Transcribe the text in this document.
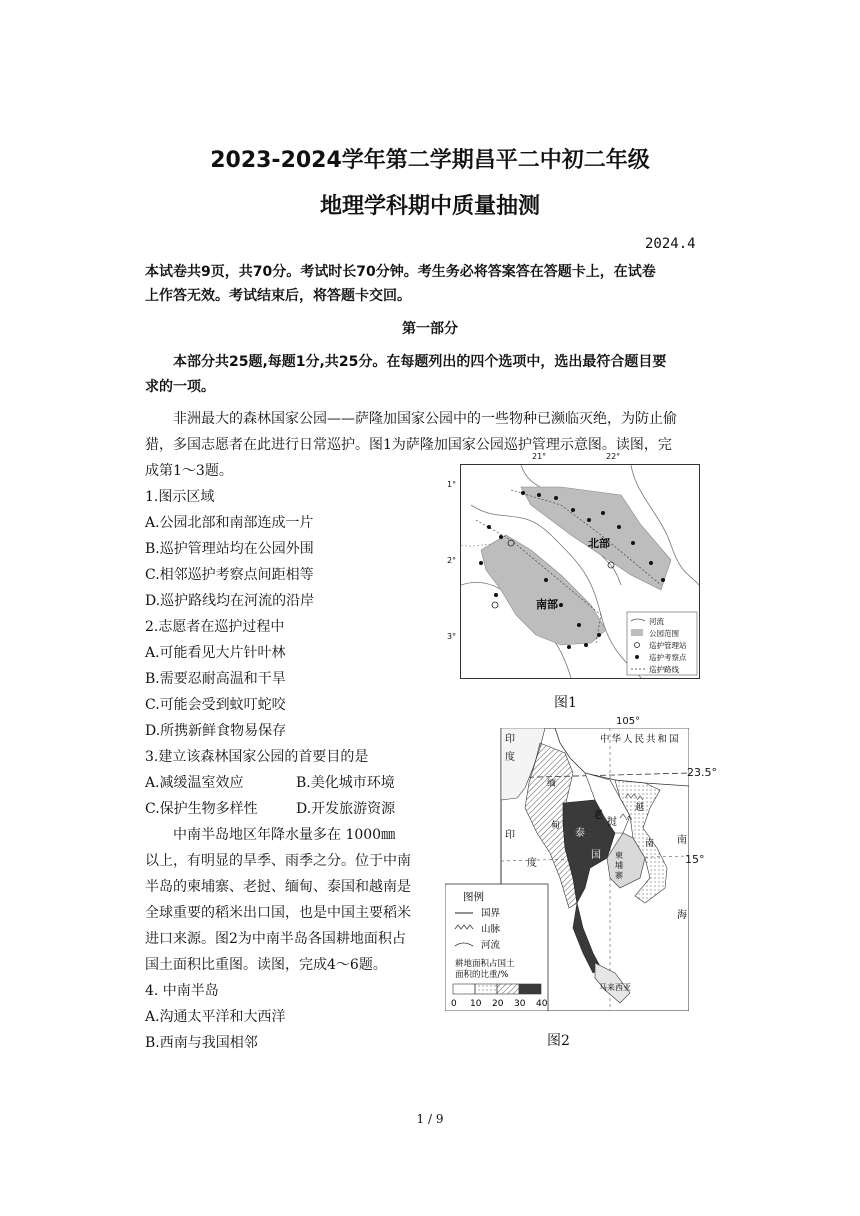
2023-2024学年第二学期昌平二中初二年级
地理学科期中质量抽测
2024.4
本试卷共9页，共70分。考试时长70分钟。考生务必将答案答在答题卡上，在试卷
上作答无效。考试结束后，将答题卡交回。
第一部分
本部分共25题,每题1分,共25分。在每题列出的四个选项中，选出最符合题目要
求的一项。
非洲最大的森林国家公园——萨隆加国家公园中的一些物种已濒临灭绝，为防止偷
猎，多国志愿者在此进行日常巡护。图1为萨隆加国家公园巡护管理示意图。读图，完
成第1～3题。
1.图示区域
A.公园北部和南部连成一片
B.巡护管理站均在公园外围
C.相邻巡护考察点间距相等
D.巡护路线均在河流的沿岸
2.志愿者在巡护过程中
A.可能看见大片针叶林
B.需要忍耐高温和干旱
C.可能会受到蚊叮蛇咬
D.所携新鲜食物易保存
3.建立该森林国家公园的首要目的是
A.减缓温室效应	B.美化城市环境
C.保护生物多样性	D.开发旅游资源
中南半岛地区年降水量多在 1000㎜
以上，有明显的旱季、雨季之分。位于中南
半岛的柬埔寨、老挝、缅甸、泰国和越南是
全球重要的稻米出口国，也是中国主要稻米
进口来源。图2为中南半岛各国耕地面积占
国土面积比重图。读图，完成4～6题。
4. 中南半岛
A.沟通太平洋和大西洋
B.西南与我国相邻
北部
南部
河流
公园范围
巡护管理站
巡护考察点
巡护路线
21°	22°
1°
2°
3°
图1
105°
中华人民共和国
印
度
缅
甸
老
挝
泰
国
越
南
柬
埔
寨
马来西亚
南
海
印
度
图例
国界
山脉
河流
耕地面积占国土
面积的比重/%
0 10 20 30 40
23.5°
15°
图2
1 / 9
